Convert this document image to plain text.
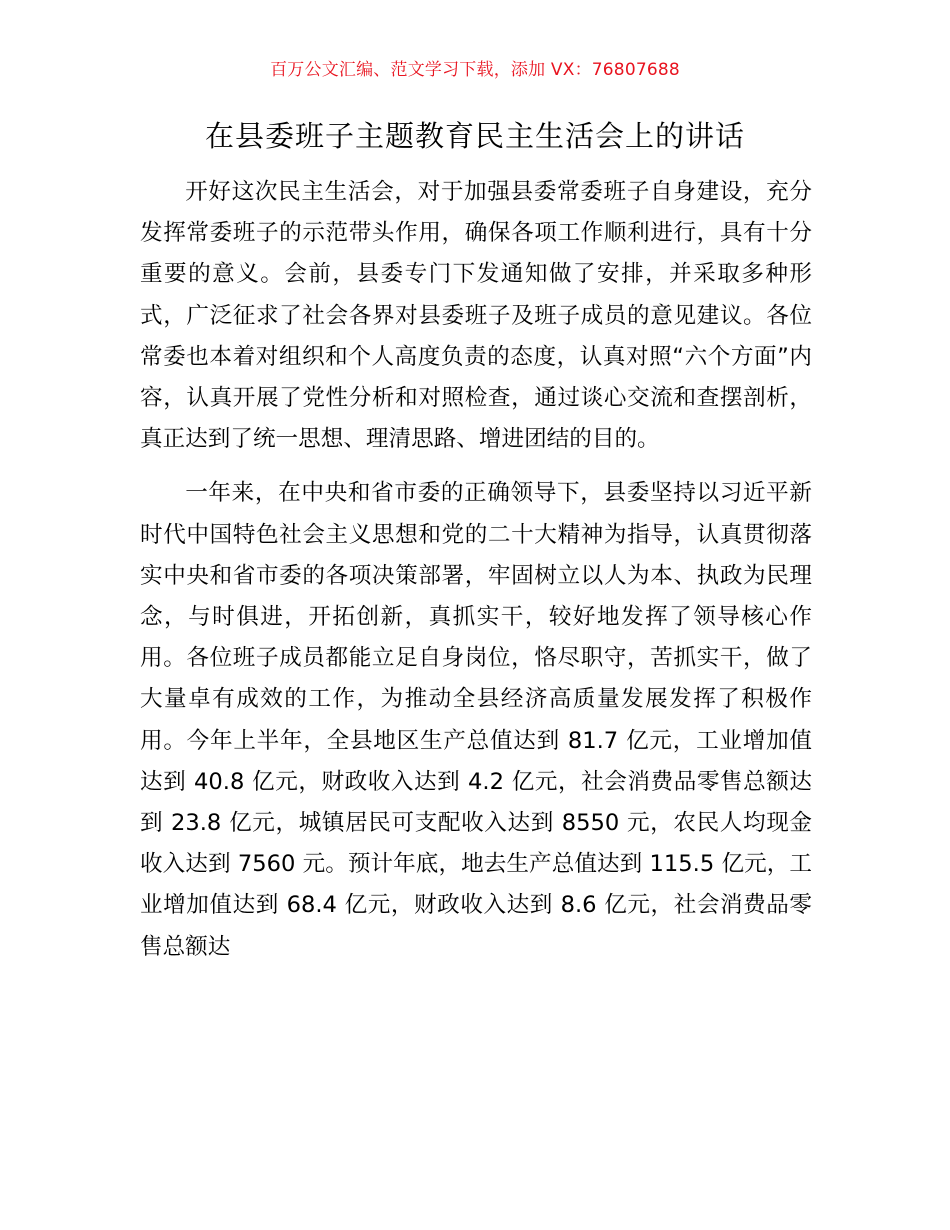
百万公文汇编、范文学习下载，添加 VX：76807688
在县委班子主题教育民主生活会上的讲话

开好这次民主生活会，对于加强县委常委班子自身建设，充分发挥常委班子的示范带头作用，确保各项工作顺利进行，具有十分重要的意义。会前，县委专门下发通知做了安排，并采取多种形式，广泛征求了社会各界对县委班子及班子成员的意见建议。各位常委也本着对组织和个人高度负责的态度，认真对照“六个方面”内容，认真开展了党性分析和对照检查，通过谈心交流和查摆剖析，真正达到了统一思想、理清思路、增进团结的目的。

一年来，在中央和省市委的正确领导下，县委坚持以习近平新时代中国特色社会主义思想和党的二十大精神为指导，认真贯彻落实中央和省市委的各项决策部署，牢固树立以人为本、执政为民理念，与时俱进，开拓创新，真抓实干，较好地发挥了领导核心作用。各位班子成员都能立足自身岗位，恪尽职守，苦抓实干，做了大量卓有成效的工作，为推动全县经济高质量发展发挥了积极作用。今年上半年，全县地区生产总值达到 81.7 亿元，工业增加值达到 40.8 亿元，财政收入达到 4.2 亿元，社会消费品零售总额达到 23.8 亿元，城镇居民可支配收入达到 8550 元，农民人均现金收入达到 7560 元。预计年底，地去生产总值达到 115.5 亿元，工业增加值达到 68.4 亿元，财政收入达到 8.6 亿元，社会消费品零售总额达
